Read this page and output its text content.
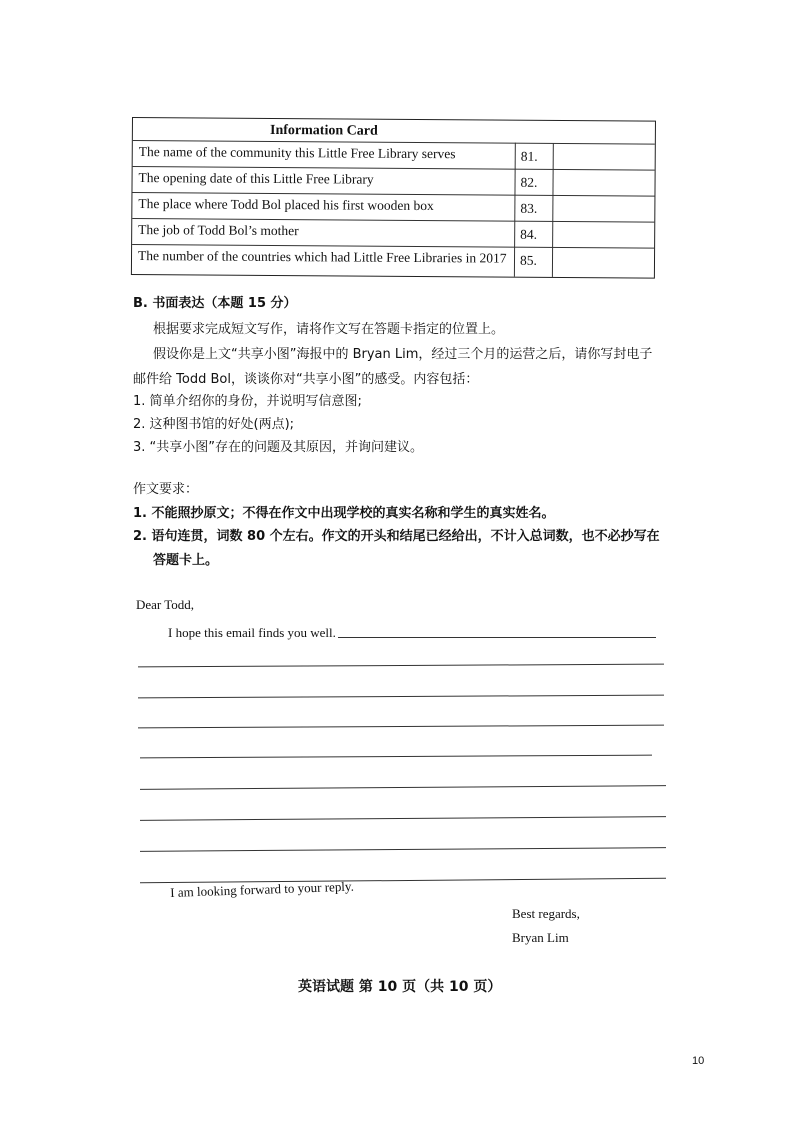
Information Card
The name of the community this Little Free Library serves	81.
The opening date of this Little Free Library	82.
The place where Todd Bol placed his first wooden box	83.
The job of Todd Bol’s mother	84.
The number of the countries which had Little Free Libraries in 2017 85.
B. 书面表达（本题 15 分）
根据要求完成短文写作，请将作文写在答题卡指定的位置上。
假设你是上文“共享小图”海报中的 Bryan Lim，经过三个月的运营之后，请你写封电子
邮件给 Todd Bol，谈谈你对“共享小图”的感受。内容包括：
1. 简单介绍你的身份，并说明写信意图;
2. 这种图书馆的好处(两点);
3. “共享小图”存在的问题及其原因，并询问建议。
作文要求：
1. 不能照抄原文；不得在作文中出现学校的真实名称和学生的真实姓名。
2. 语句连贯，词数 80 个左右。作文的开头和结尾已经给出，不计入总词数，也不必抄写在
答题卡上。
Dear Todd,
I hope this email finds you well.
I am looking forward to your reply.
Best regards,
Bryan Lim
英语试题 第 10 页（共 10 页）
10
